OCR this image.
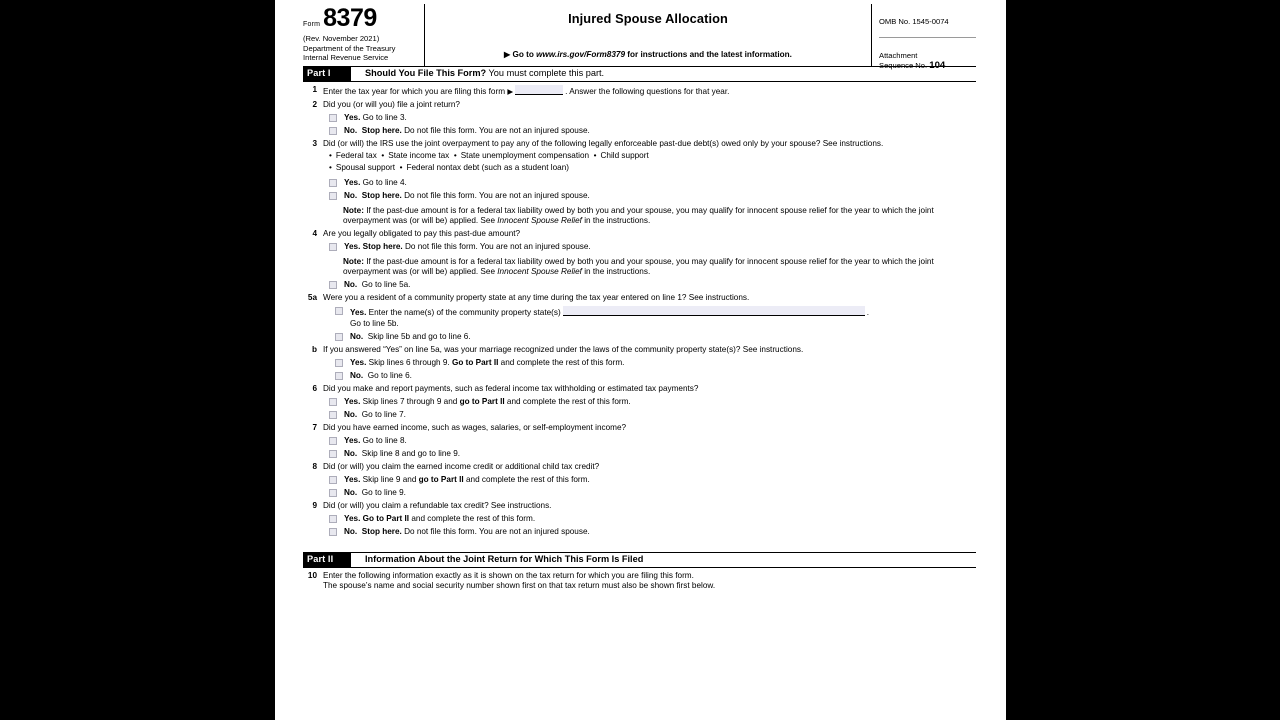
Form 8379
(Rev. November 2021)
Department of the Treasury
Internal Revenue Service
Injured Spouse Allocation
▶ Go to www.irs.gov/Form8379 for instructions and the latest information.
OMB No. 1545-0074
Attachment
Sequence No. 104
Part I	Should You File This Form? You must complete this part.
1 Enter the tax year for which you are filing this form ▶	. Answer the following questions for that year.
2 Did you (or will you) file a joint return?
Yes. Go to line 3.
No. Stop here. Do not file this form. You are not an injured spouse.
3 Did (or will) the IRS use the joint overpayment to pay any of the following legally enforceable past-due debt(s) owed only by your spouse? See instructions.
• Federal tax • State income tax • State unemployment compensation • Child support
• Spousal support • Federal nontax debt (such as a student loan)
Yes. Go to line 4.
No. Stop here. Do not file this form. You are not an injured spouse.
Note: If the past-due amount is for a federal tax liability owed by both you and your spouse, you may qualify for innocent spouse relief for the year to which the joint overpayment was (or will be) applied. See Innocent Spouse Relief in the instructions.
4 Are you legally obligated to pay this past-due amount?
Yes. Stop here. Do not file this form. You are not an injured spouse.
Note: If the past-due amount is for a federal tax liability owed by both you and your spouse, you may qualify for innocent spouse relief for the year to which the joint overpayment was (or will be) applied. See Innocent Spouse Relief in the instructions.
No.  Go to line 5a.
5a Were you a resident of a community property state at any time during the tax year entered on line 1? See instructions.
Yes. Enter the name(s) of the community property state(s)	.
Go to line 5b.
No.  Skip line 5b and go to line 6.
b If you answered “Yes” on line 5a, was your marriage recognized under the laws of the community property state(s)? See instructions.
Yes. Skip lines 6 through 9. Go to Part II and complete the rest of this form.
No.  Go to line 6.
6 Did you make and report payments, such as federal income tax withholding or estimated tax payments?
Yes. Skip lines 7 through 9 and go to Part II and complete the rest of this form.
No.  Go to line 7.
7 Did you have earned income, such as wages, salaries, or self-employment income?
Yes. Go to line 8.
No.  Skip line 8 and go to line 9.
8 Did (or will) you claim the earned income credit or additional child tax credit?
Yes. Skip line 9 and go to Part II and complete the rest of this form.
No.  Go to line 9.
9 Did (or will) you claim a refundable tax credit? See instructions.
Yes. Go to Part II and complete the rest of this form.
No. Stop here. Do not file this form. You are not an injured spouse.
Part II	Information About the Joint Return for Which This Form Is Filed
10 Enter the following information exactly as it is shown on the tax return for which you are filing this form.
The spouse’s name and social security number shown first on that tax return must also be shown first below.
